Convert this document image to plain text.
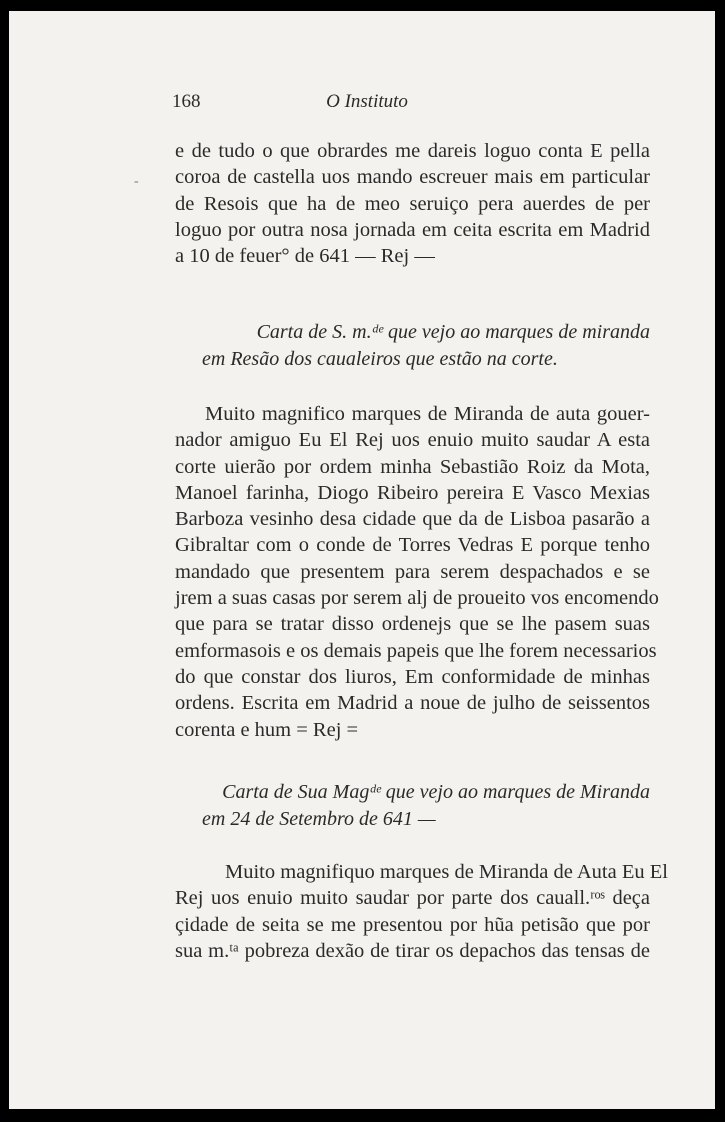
168	O Instituto
-
e de tudo o que obrardes me dareis loguo conta E pella
coroa de castella uos mando escreuer mais em particular
de Resois que ha de meo seruiço pera auerdes de per
loguo por outra nosa jornada em ceita escrita em Madrid
a 10 de feuer° de 641 — Rej —
Carta de S. m.ᵈᵉ que vejo ao marques de miranda
em Resão dos caualeiros que estão na corte.
Muito magnifico marques de Miranda de auta gouer-
nador amiguo Eu El Rej uos enuio muito saudar A esta
corte uierão por ordem minha Sebastião Roiz da Mota,
Manoel farinha, Diogo Ribeiro pereira E Vasco Mexias
Barboza vesinho desa cidade que da de Lisboa pasarão a
Gibraltar com o conde de Torres Vedras E porque tenho
mandado que presentem para serem despachados e se
jrem a suas casas por serem alj de proueito vos encomendo
que para se tratar disso ordenejs que se lhe pasem suas
emformasois e os demais papeis que lhe forem necessarios
do que constar dos liuros, Em conformidade de minhas
ordens. Escrita em Madrid a noue de julho de seissentos
corenta e hum = Rej =
Carta de Sua Magᵈᵉ que vejo ao marques de Miranda
em 24 de Setembro de 641 —
Muito magnifiquo marques de Miranda de Auta Eu El
Rej uos enuio muito saudar por parte dos cauall.ʳᵒˢ deça
çidade de seita se me presentou por hũa petisão que por
sua m.ᵗᵃ pobreza dexão de tirar os depachos das tensas de
